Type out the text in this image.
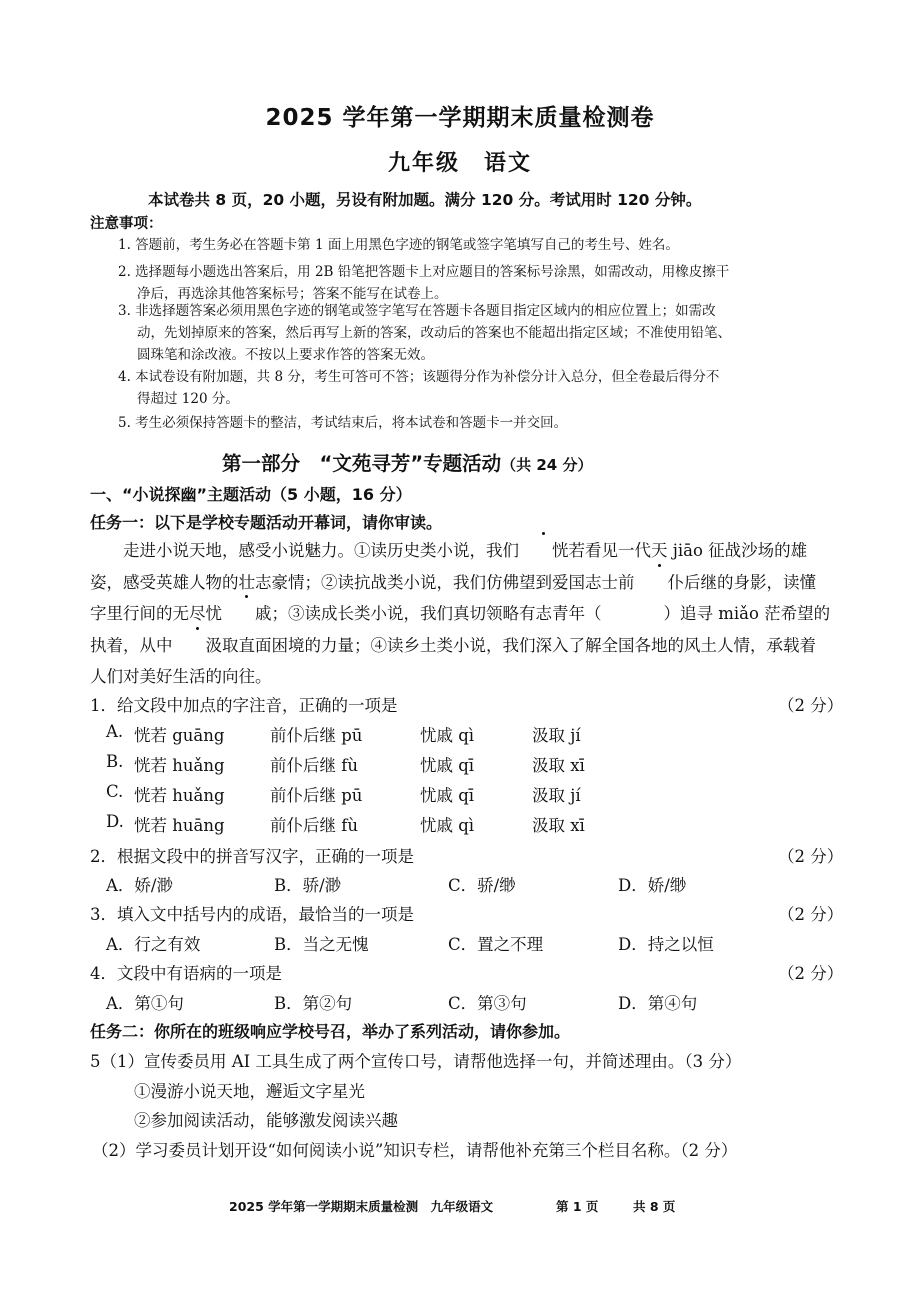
2025 学年第一学期期末质量检测卷
九年级　语文
本试卷共 8 页，20 小题，另设有附加题。满分 120 分。考试用时 120 分钟。
注意事项：
1. 答题前，考生务必在答题卡第 1 面上用黑色字迹的钢笔或签字笔填写自己的考生号、姓名。
2. 选择题每小题选出答案后，用 2B 铅笔把答题卡上对应题目的答案标号涂黑，如需改动，用橡皮擦干
净后，再选涂其他答案标号；答案不能写在试卷上。
3. 非选择题答案必须用黑色字迹的钢笔或签字笔写在答题卡各题目指定区域内的相应位置上；如需改
动，先划掉原来的答案，然后再写上新的答案，改动后的答案也不能超出指定区域；不准使用铅笔、
圆珠笔和涂改液。不按以上要求作答的答案无效。
4. 本试卷设有附加题，共 8 分，考生可答可不答；该题得分作为补偿分计入总分，但全卷最后得分不
得超过 120 分。
5. 考生必须保持答题卡的整洁，考试结束后，将本试卷和答题卡一并交回。
第一部分　“文苑寻芳”专题活动（共 24 分）
一、“小说探幽”主题活动（5 小题，16 分）
任务一：以下是学校专题活动开幕词，请你审读。
走进小说天地，感受小说魅力。①读历史类小说，我们 恍若看见一代天 jiāo 征战沙场的雄姿，感受英雄人物的壮志豪情；②读抗战类小说，我们仿佛望到爱国志士前 仆后继的身影，读懂字里行间的无尽忧 戚；③读成长类小说，我们真切领略有志青年（	）追寻 miǎo 茫希望的执着，从中 汲取直面困境的力量；④读乡土类小说，我们深入了解全国各地的风土人情，承载着人们对美好生活的向往。
1．给文段中加点的字注音，正确的一项是	（2 分）
A. 恍若 guāng	前仆后继 pū	忧戚 qì	汲取 jí
B. 恍若 huǎng	前仆后继 fù	忧戚 qī	汲取 xī
C. 恍若 huǎng	前仆后继 pū	忧戚 qī	汲取 jí
D. 恍若 huāng	前仆后继 fù	忧戚 qì	汲取 xī
2．根据文段中的拼音写汉字，正确的一项是	（2 分）
A．娇/渺	B．骄/渺	C．骄/缈	D．娇/缈
3．填入文中括号内的成语，最恰当的一项是	（2 分）
A．行之有效	B．当之无愧	C．置之不理	D．持之以恒
4．文段中有语病的一项是	（2 分）
A．第①句	B．第②句	C．第③句	D．第④句
任务二：你所在的班级响应学校号召，举办了系列活动，请你参加。
5（1）宣传委员用 AI 工具生成了两个宣传口号，请帮他选择一句，并简述理由。（3 分）
①漫游小说天地，邂逅文字星光
②参加阅读活动，能够激发阅读兴趣
（2）学习委员计划开设“如何阅读小说”知识专栏，请帮他补充第三个栏目名称。（2 分）
2025 学年第一学期期末质量检测　九年级语文	第 1 页	共 8 页
